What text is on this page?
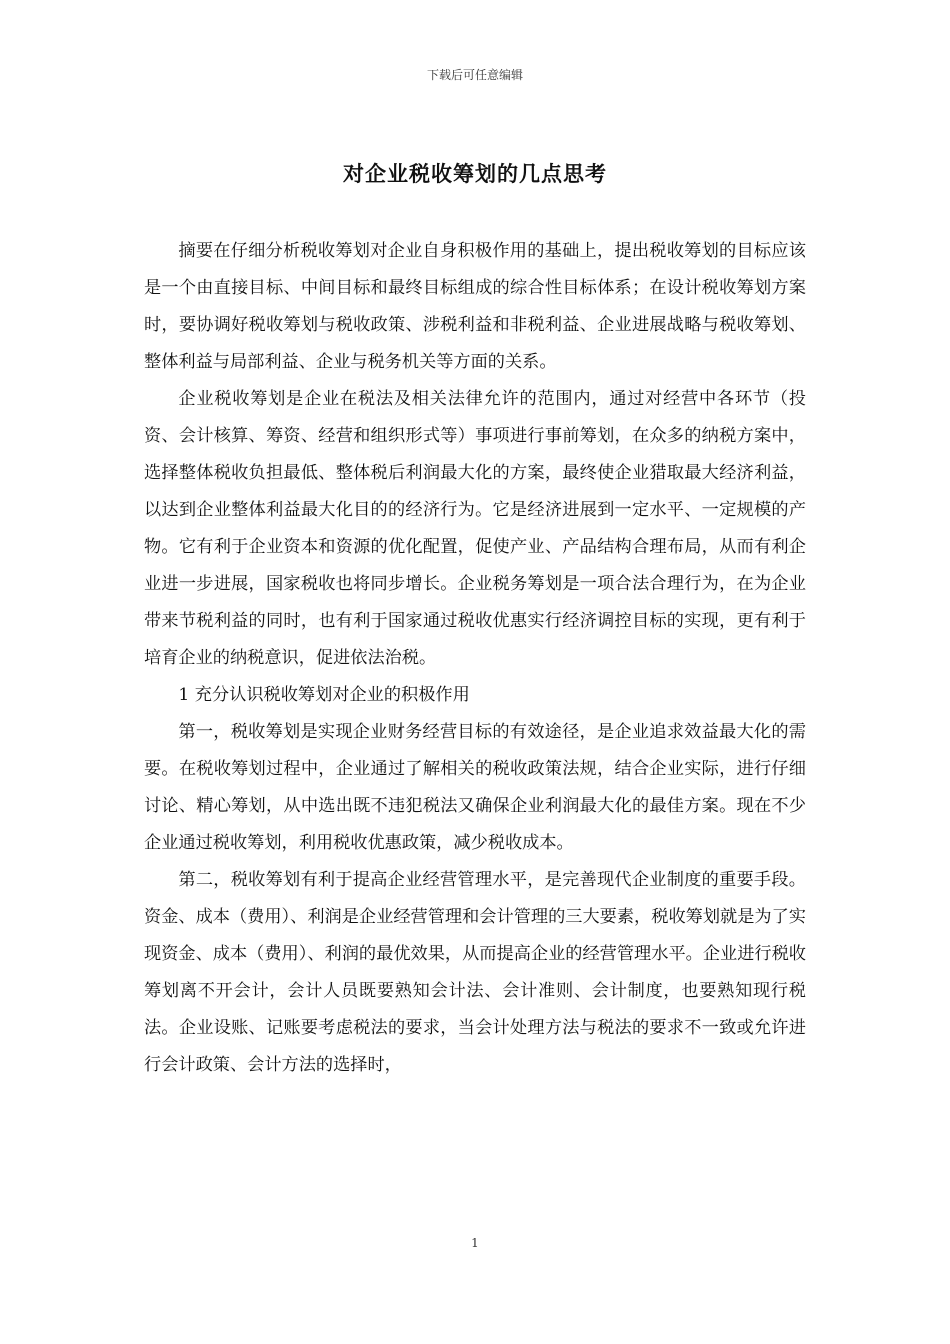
下载后可任意编辑
对企业税收筹划的几点思考

摘要在仔细分析税收筹划对企业自身积极作用的基础上，提出税收筹划的目标应该是一个由直接目标、中间目标和最终目标组成的综合性目标体系；在设计税收筹划方案时，要协调好税收筹划与税收政策、涉税利益和非税利益、企业进展战略与税收筹划、整体利益与局部利益、企业与税务机关等方面的关系。

企业税收筹划是企业在税法及相关法律允许的范围内，通过对经营中各环节（投资、会计核算、筹资、经营和组织形式等）事项进行事前筹划，在众多的纳税方案中，选择整体税收负担最低、整体税后利润最大化的方案，最终使企业猎取最大经济利益，以达到企业整体利益最大化目的的经济行为。它是经济进展到一定水平、一定规模的产物。它有利于企业资本和资源的优化配置，促使产业、产品结构合理布局，从而有利企业进一步进展，国家税收也将同步增长。企业税务筹划是一项合法合理行为，在为企业带来节税利益的同时，也有利于国家通过税收优惠实行经济调控目标的实现，更有利于培育企业的纳税意识，促进依法治税。

1 充分认识税收筹划对企业的积极作用

第一，税收筹划是实现企业财务经营目标的有效途径，是企业追求效益最大化的需要。在税收筹划过程中，企业通过了解相关的税收政策法规，结合企业实际，进行仔细讨论、精心筹划，从中选出既不违犯税法又确保企业利润最大化的最佳方案。现在不少企业通过税收筹划，利用税收优惠政策，减少税收成本。

第二，税收筹划有利于提高企业经营管理水平，是完善现代企业制度的重要手段。资金、成本（费用）、利润是企业经营管理和会计管理的三大要素，税收筹划就是为了实现资金、成本（费用）、利润的最优效果，从而提高企业的经营管理水平。企业进行税收筹划离不开会计，会计人员既要熟知会计法、会计准则、会计制度，也要熟知现行税法。企业设账、记账要考虑税法的要求，当会计处理方法与税法的要求不一致或允许进行会计政策、会计方法的选择时，

1
